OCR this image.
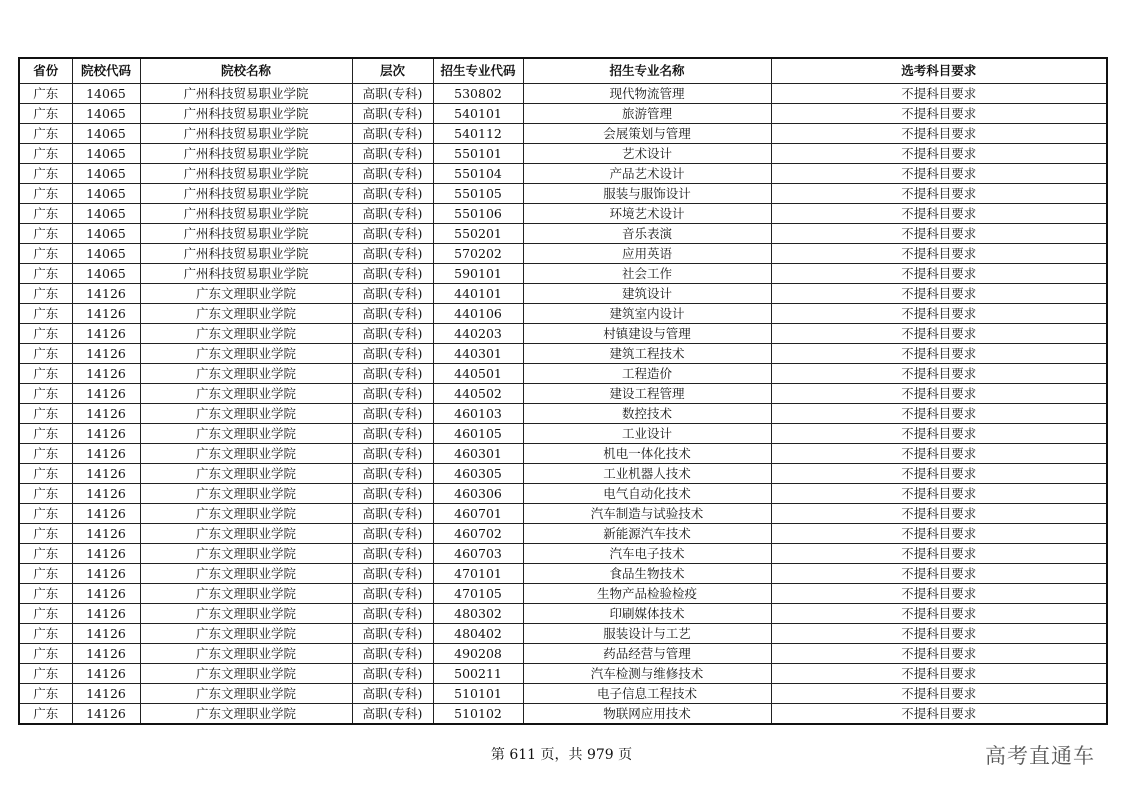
省份	院校代码	院校名称	层次	招生专业代码	招生专业名称	选考科目要求
广东	14065	广州科技贸易职业学院	高职(专科)	530802	现代物流管理	不提科目要求
广东	14065	广州科技贸易职业学院	高职(专科)	540101	旅游管理	不提科目要求
广东	14065	广州科技贸易职业学院	高职(专科)	540112	会展策划与管理	不提科目要求
广东	14065	广州科技贸易职业学院	高职(专科)	550101	艺术设计	不提科目要求
广东	14065	广州科技贸易职业学院	高职(专科)	550104	产品艺术设计	不提科目要求
广东	14065	广州科技贸易职业学院	高职(专科)	550105	服装与服饰设计	不提科目要求
广东	14065	广州科技贸易职业学院	高职(专科)	550106	环境艺术设计	不提科目要求
广东	14065	广州科技贸易职业学院	高职(专科)	550201	音乐表演	不提科目要求
广东	14065	广州科技贸易职业学院	高职(专科)	570202	应用英语	不提科目要求
广东	14065	广州科技贸易职业学院	高职(专科)	590101	社会工作	不提科目要求
广东	14126	广东文理职业学院	高职(专科)	440101	建筑设计	不提科目要求
广东	14126	广东文理职业学院	高职(专科)	440106	建筑室内设计	不提科目要求
广东	14126	广东文理职业学院	高职(专科)	440203	村镇建设与管理	不提科目要求
广东	14126	广东文理职业学院	高职(专科)	440301	建筑工程技术	不提科目要求
广东	14126	广东文理职业学院	高职(专科)	440501	工程造价	不提科目要求
广东	14126	广东文理职业学院	高职(专科)	440502	建设工程管理	不提科目要求
广东	14126	广东文理职业学院	高职(专科)	460103	数控技术	不提科目要求
广东	14126	广东文理职业学院	高职(专科)	460105	工业设计	不提科目要求
广东	14126	广东文理职业学院	高职(专科)	460301	机电一体化技术	不提科目要求
广东	14126	广东文理职业学院	高职(专科)	460305	工业机器人技术	不提科目要求
广东	14126	广东文理职业学院	高职(专科)	460306	电气自动化技术	不提科目要求
广东	14126	广东文理职业学院	高职(专科)	460701	汽车制造与试验技术	不提科目要求
广东	14126	广东文理职业学院	高职(专科)	460702	新能源汽车技术	不提科目要求
广东	14126	广东文理职业学院	高职(专科)	460703	汽车电子技术	不提科目要求
广东	14126	广东文理职业学院	高职(专科)	470101	食品生物技术	不提科目要求
广东	14126	广东文理职业学院	高职(专科)	470105	生物产品检验检疫	不提科目要求
广东	14126	广东文理职业学院	高职(专科)	480302	印刷媒体技术	不提科目要求
广东	14126	广东文理职业学院	高职(专科)	480402	服装设计与工艺	不提科目要求
广东	14126	广东文理职业学院	高职(专科)	490208	药品经营与管理	不提科目要求
广东	14126	广东文理职业学院	高职(专科)	500211	汽车检测与维修技术	不提科目要求
广东	14126	广东文理职业学院	高职(专科)	510101	电子信息工程技术	不提科目要求
广东	14126	广东文理职业学院	高职(专科)	510102	物联网应用技术	不提科目要求
第 611 页，共 979 页	高考直通车
